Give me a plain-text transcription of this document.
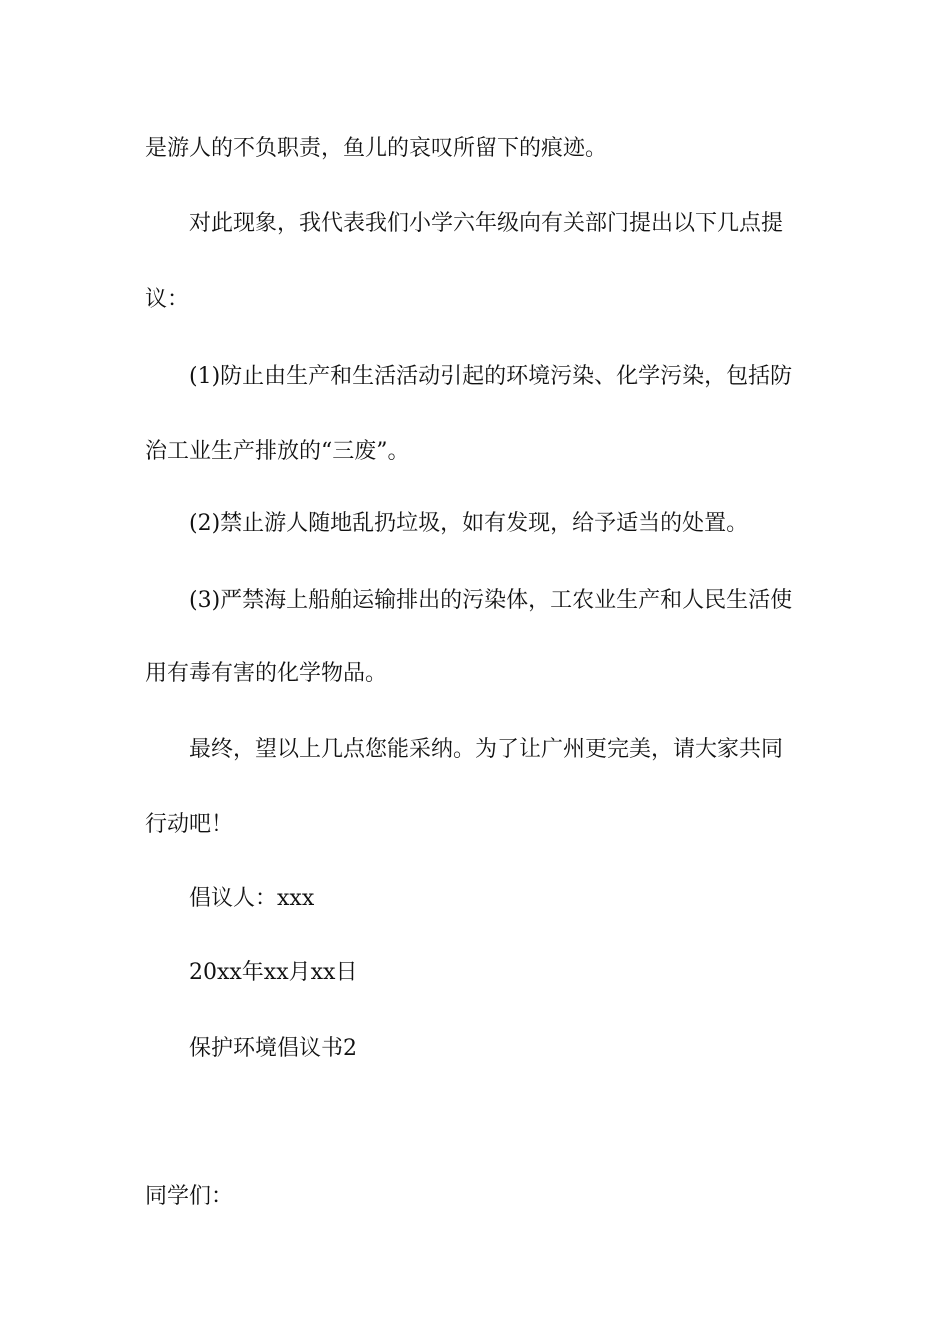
是游人的不负职责，鱼儿的哀叹所留下的痕迹。
对此现象，我代表我们小学六年级向有关部门提出以下几点提
议：
(1)防止由生产和生活活动引起的环境污染、化学污染，包括防
治工业生产排放的“三废”。
(2)禁止游人随地乱扔垃圾，如有发现，给予适当的处置。
(3)严禁海上船舶运输排出的污染体，工农业生产和人民生活使
用有毒有害的化学物品。
最终，望以上几点您能采纳。为了让广州更完美，请大家共同
行动吧！
倡议人：xxx
20xx年xx月xx日
保护环境倡议书2
同学们：
